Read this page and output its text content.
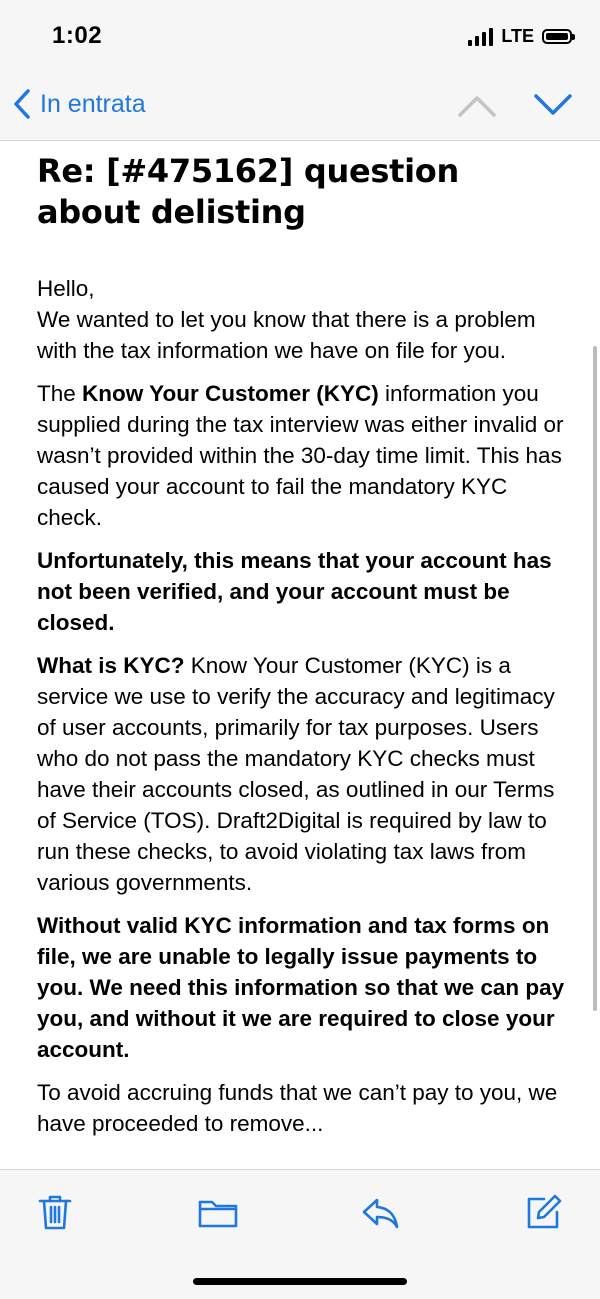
1:02	LTE
In entrata
Re: [#475162] question about delisting
Hello,

We wanted to let you know that there is a problem with the tax information we have on file for you.

The Know Your Customer (KYC) information you supplied during the tax interview was either invalid or wasn’t provided within the 30-day time limit. This has caused your account to fail the mandatory KYC check.

Unfortunately, this means that your account has not been verified, and your account must be closed.

What is KYC? Know Your Customer (KYC) is a service we use to verify the accuracy and legitimacy of user accounts, primarily for tax purposes. Users who do not pass the mandatory KYC checks must have their accounts closed, as outlined in our Terms of Service (TOS). Draft2Digital is required by law to run these checks, to avoid violating tax laws from various governments.

Without valid KYC information and tax forms on file, we are unable to legally issue payments to you. We need this information so that we can pay you, and without it we are required to close your account.

To avoid accruing funds that we can’t pay to you, we have proceeded to remove...
